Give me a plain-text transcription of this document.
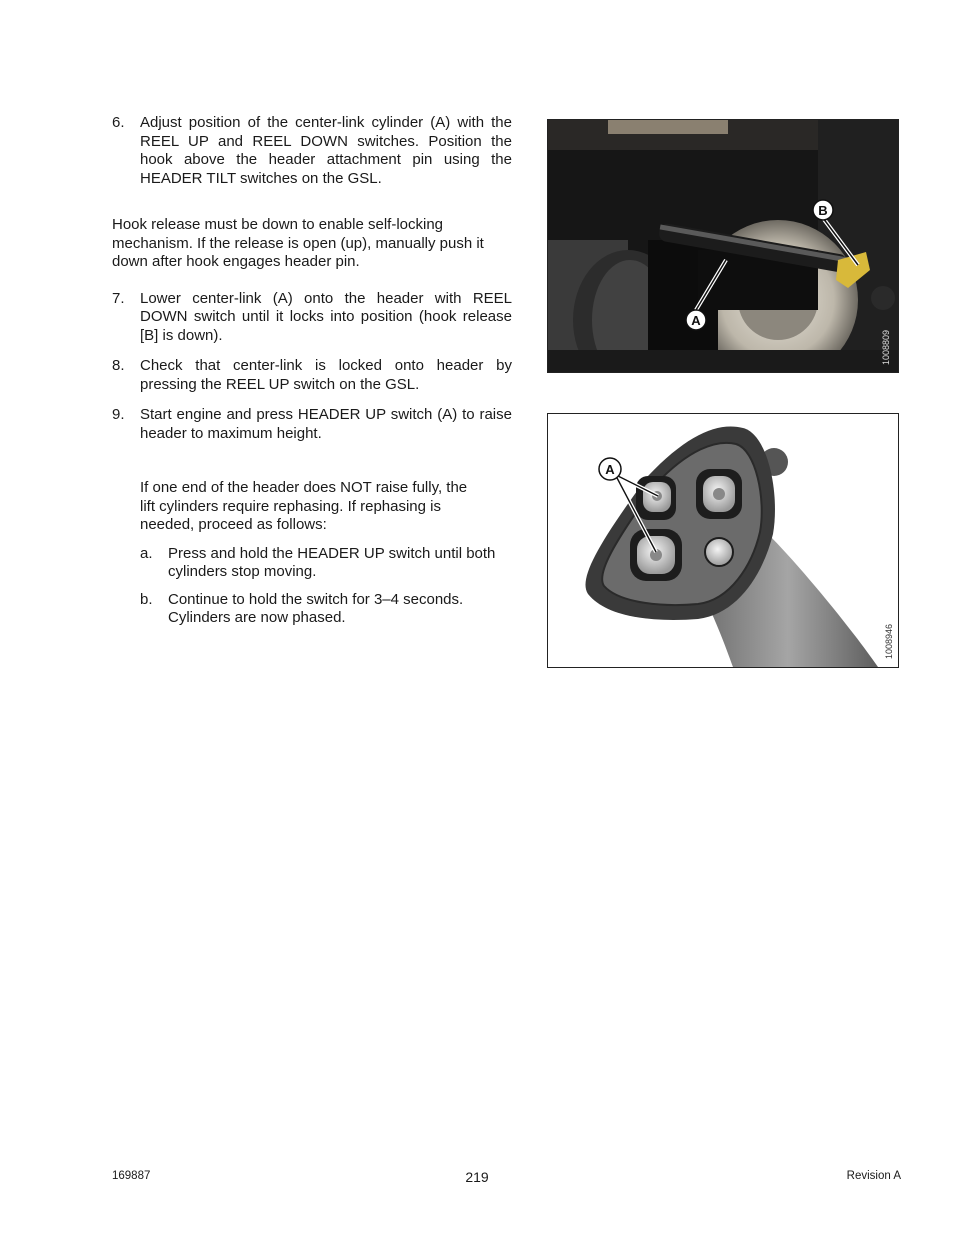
6.	Adjust position of the center-link cylinder (A) with the REEL UP and REEL DOWN switches. Position the hook above the header attachment pin using the HEADER TILT switches on the GSL.
Hook release must be down to enable self-locking mechanism. If the release is open (up), manually push it down after hook engages header pin.
7.	Lower center-link (A) onto the header with REEL DOWN switch until it locks into position (hook release [B] is down).
8.	Check that center-link is locked onto header by pressing the REEL UP switch on the GSL.
9.	Start engine and press HEADER UP switch (A) to raise header to maximum height.
If one end of the header does NOT raise fully, the lift cylinders require rephasing. If rephasing is needed, proceed as follows:
a.	Press and hold the HEADER UP switch until both cylinders stop moving.
b.	Continue to hold the switch for 3–4 seconds. Cylinders are now phased.
B
A
1008809
A
1008946
169887	219	Revision A
